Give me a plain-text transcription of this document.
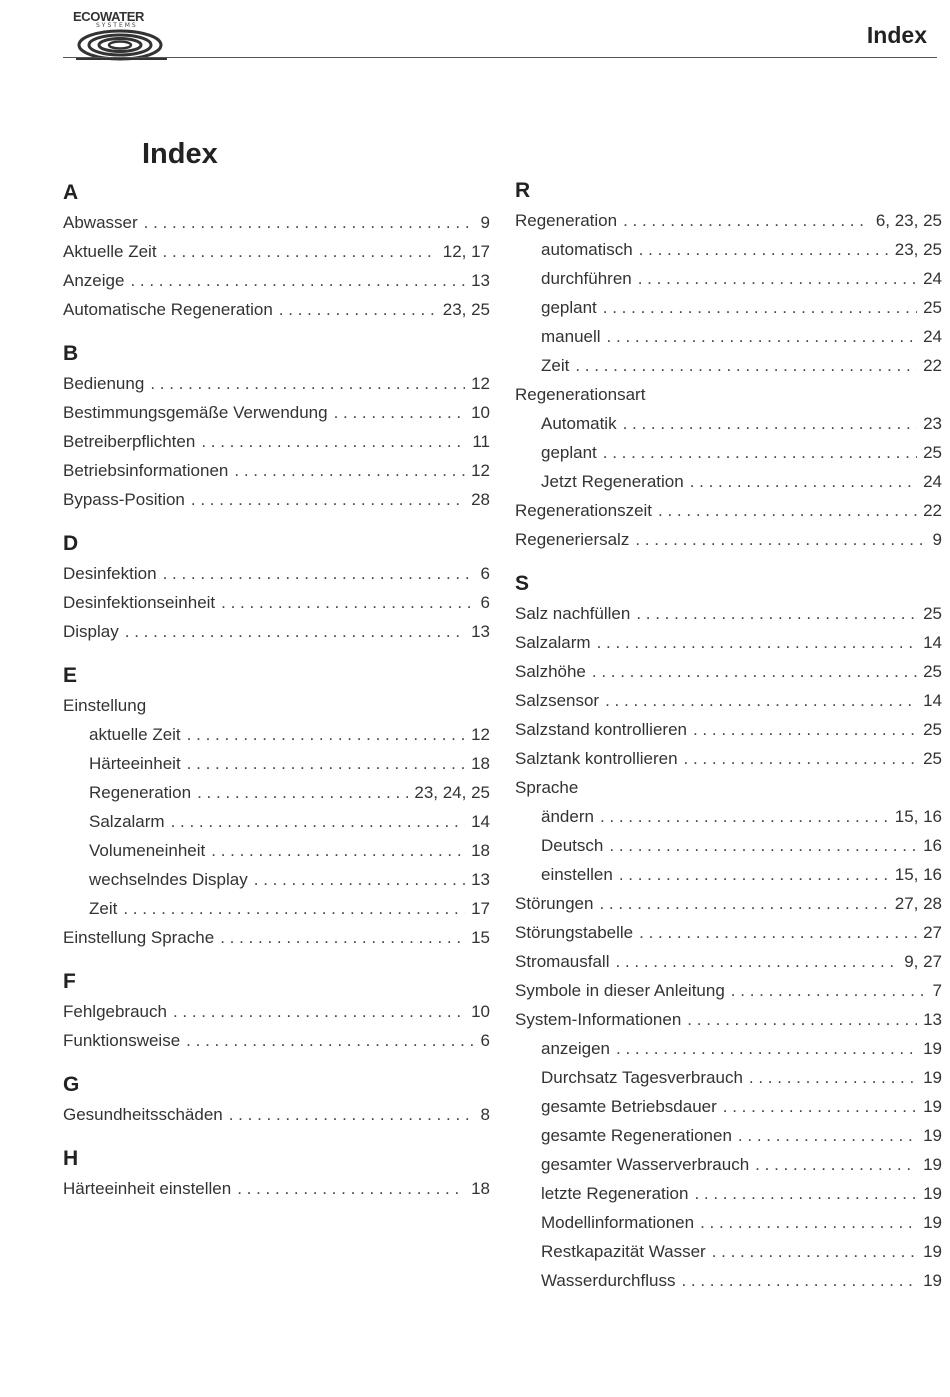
ECOWATER
SYSTEMS	Index
Index
A
Abwasser . . .	9
Aktuelle Zeit . . .	12, 17
Anzeige . . .	13
Automatische Regeneration . . .	23, 25
B
Bedienung . . .	12
Bestimmungsgemäße Verwendung . . .	10
Betreiberpflichten . . .	11
Betriebsinformationen . . .	12
Bypass-Position . . .	28
D
Desinfektion . . .	6
Desinfektionseinheit . . .	6
Display . . .	13
E
Einstellung
aktuelle Zeit . . .	12
Härteeinheit . . .	18
Regeneration . . .	23, 24, 25
Salzalarm . . .	14
Volumeneinheit . . .	18
wechselndes Display . . .	13
Zeit . . .	17
Einstellung Sprache . . .	15
F
Fehlgebrauch . . .	10
Funktionsweise . . .	6
G
Gesundheitsschäden . . .	8
H
Härteeinheit einstellen . . .	18
R
Regeneration . . .	6, 23, 25
automatisch . . .	23, 25
durchführen . . .	24
geplant . . .	25
manuell . . .	24
Zeit . . .	22
Regenerationsart
Automatik . . .	23
geplant . . .	25
Jetzt Regeneration . . .	24
Regenerationszeit . . .	22
Regeneriersalz . . .	9
S
Salz nachfüllen . . .	25
Salzalarm . . .	14
Salzhöhe . . .	25
Salzsensor . . .	14
Salzstand kontrollieren . . .	25
Salztank kontrollieren . . .	25
Sprache
ändern . . .	15, 16
Deutsch . . .	16
einstellen . . .	15, 16
Störungen . . .	27, 28
Störungstabelle . . .	27
Stromausfall . . .	9, 27
Symbole in dieser Anleitung . . .	7
System-Informationen . . .	13
anzeigen . . .	19
Durchsatz Tagesverbrauch . . .	19
gesamte Betriebsdauer . . .	19
gesamte Regenerationen . . .	19
gesamter Wasserverbrauch . . .	19
letzte Regeneration . . .	19
Modellinformationen . . .	19
Restkapazität Wasser . . .	19
Wasserdurchfluss . . .	19
